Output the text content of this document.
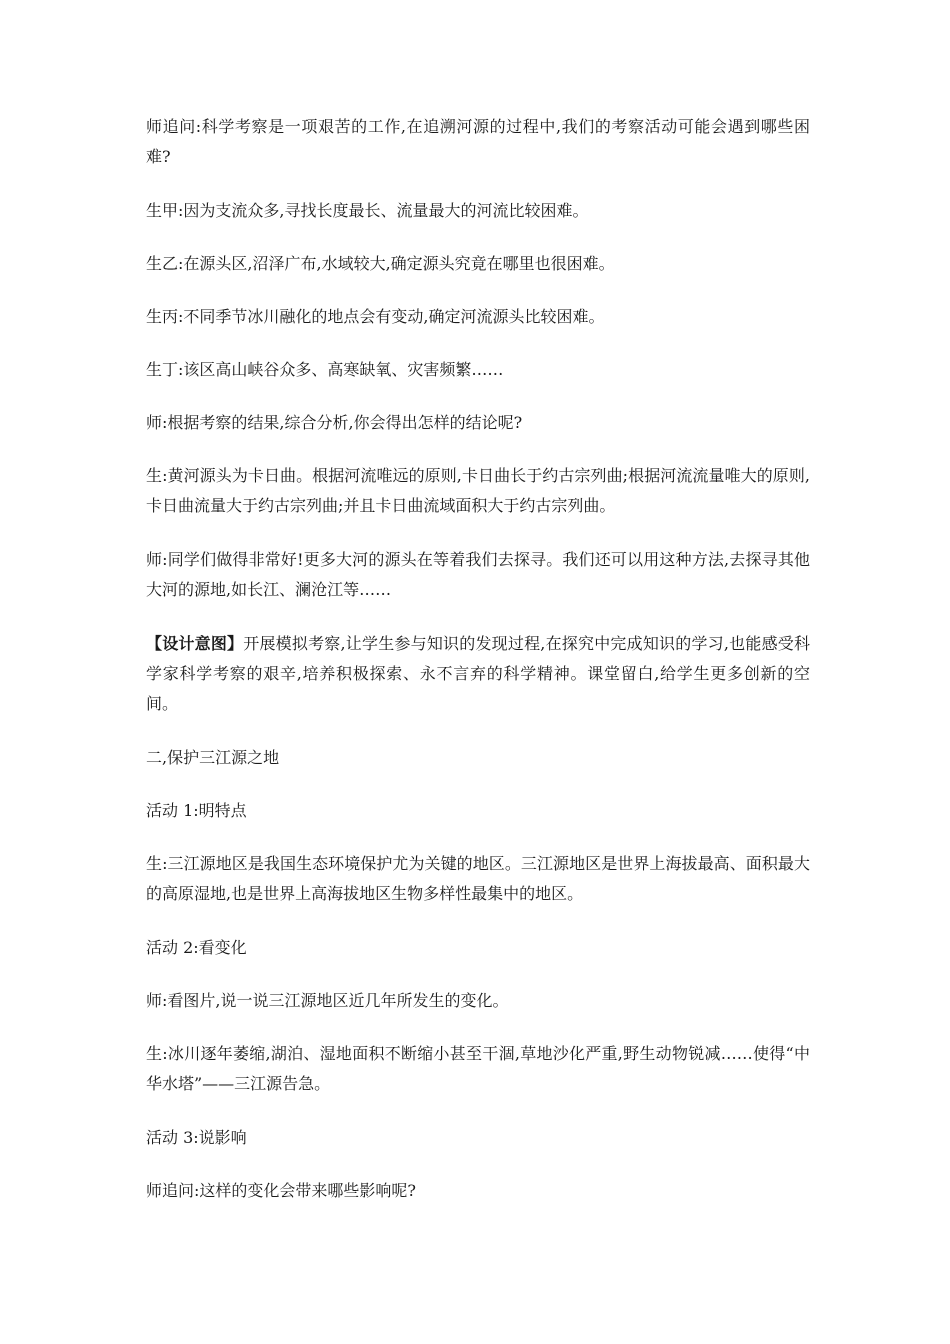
师追问:科学考察是一项艰苦的工作,在追溯河源的过程中,我们的考察活动可能会遇到哪些困难?

生甲:因为支流众多,寻找长度最长、流量最大的河流比较困难。

生乙:在源头区,沼泽广布,水域较大,确定源头究竟在哪里也很困难。

生丙:不同季节冰川融化的地点会有变动,确定河流源头比较困难。

生丁:该区高山峡谷众多、高寒缺氧、灾害频繁……

师:根据考察的结果,综合分析,你会得出怎样的结论呢?

生:黄河源头为卡日曲。根据河流唯远的原则,卡日曲长于约古宗列曲;根据河流流量唯大的原则,卡日曲流量大于约古宗列曲;并且卡日曲流域面积大于约古宗列曲。

师:同学们做得非常好!更多大河的源头在等着我们去探寻。我们还可以用这种方法,去探寻其他大河的源地,如长江、澜沧江等……

【设计意图】开展模拟考察,让学生参与知识的发现过程,在探究中完成知识的学习,也能感受科学家科学考察的艰辛,培养积极探索、永不言弃的科学精神。课堂留白,给学生更多创新的空间。

二,保护三江源之地

活动 1:明特点

生:三江源地区是我国生态环境保护尤为关键的地区。三江源地区是世界上海拔最高、面积最大的高原湿地,也是世界上高海拔地区生物多样性最集中的地区。

活动 2:看变化

师:看图片,说一说三江源地区近几年所发生的变化。

生:冰川逐年萎缩,湖泊、湿地面积不断缩小甚至干涸,草地沙化严重,野生动物锐减……使得“中华水塔”——三江源告急。

活动 3:说影响

师追问:这样的变化会带来哪些影响呢?
